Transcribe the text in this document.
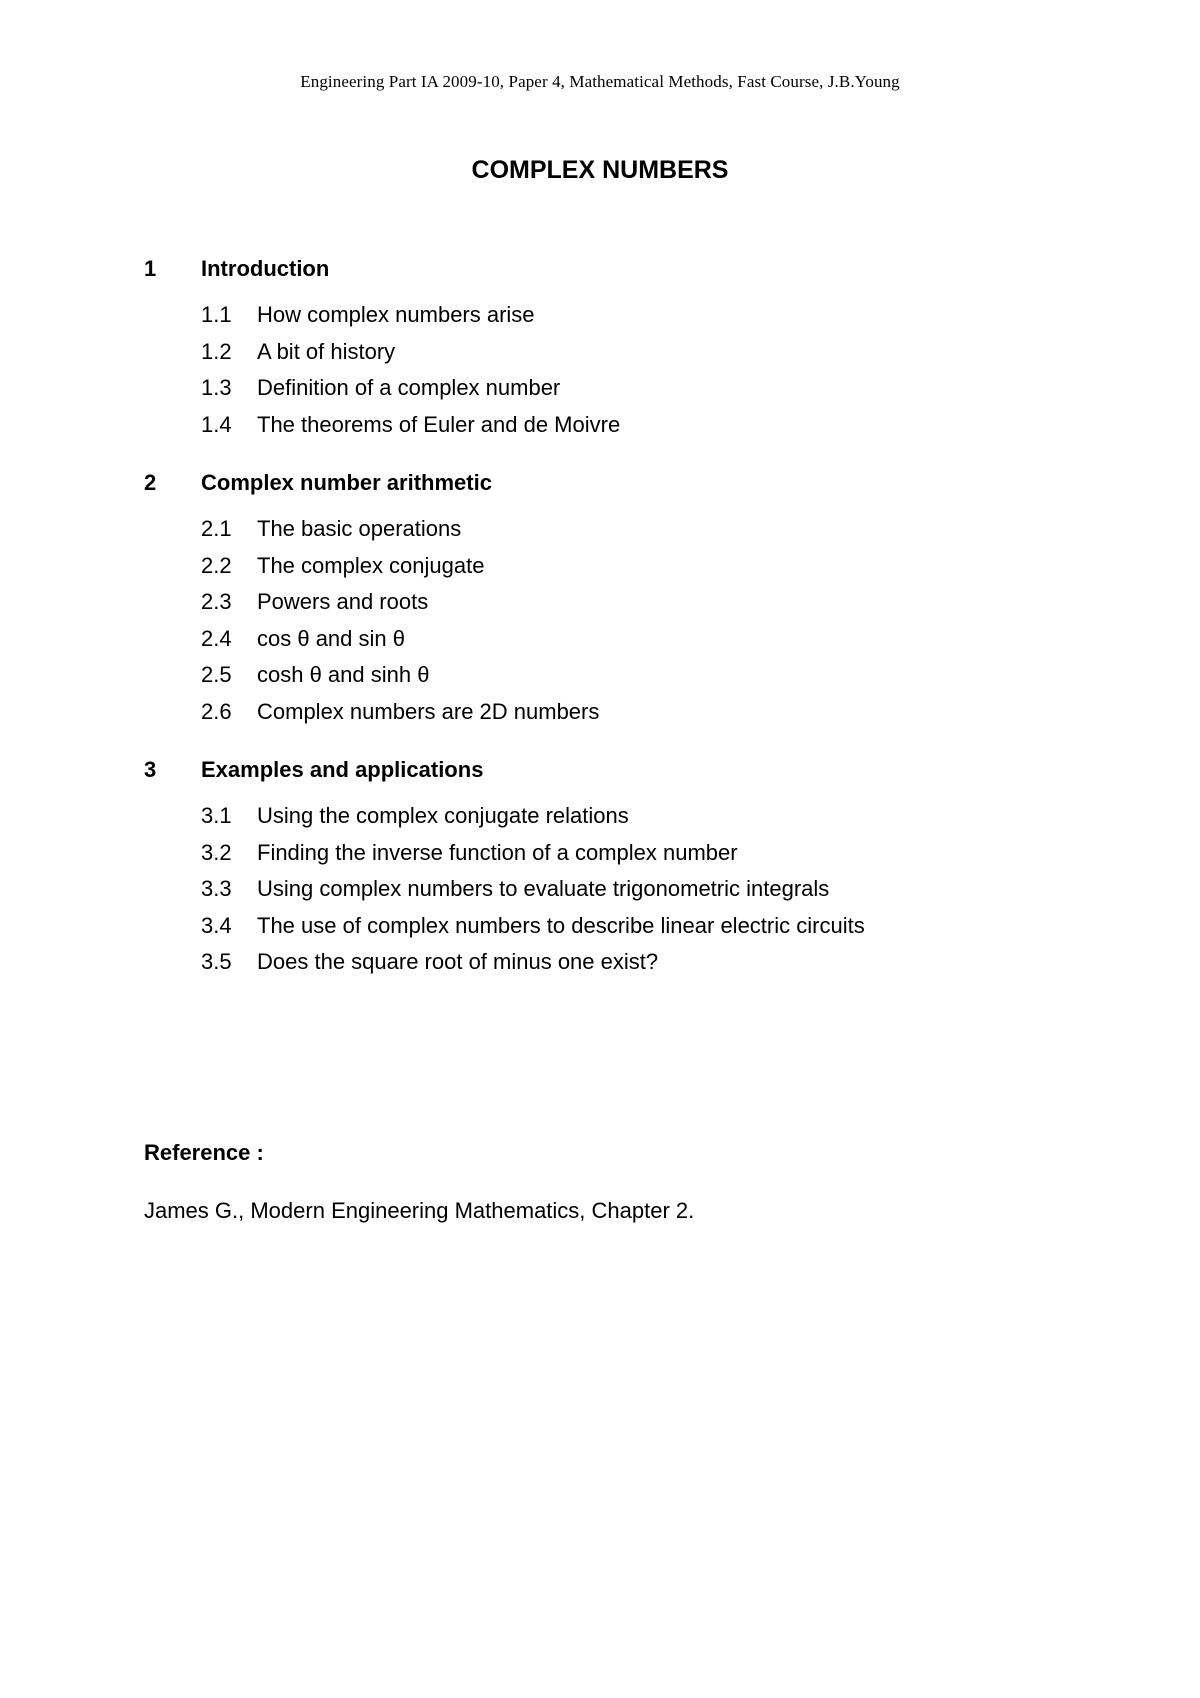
Engineering Part IA 2009-10, Paper 4, Mathematical Methods, Fast Course, J.B.Young
COMPLEX NUMBERS
1	Introduction
1.1	How complex numbers arise
1.2	A bit of history
1.3	Definition of a complex number
1.4	The theorems of Euler and de Moivre
2	Complex number arithmetic
2.1	The basic operations
2.2	The complex conjugate
2.3	Powers and roots
2.4	cos θ and sin θ
2.5	cosh θ and sinh θ
2.6	Complex numbers are 2D numbers
3	Examples and applications
3.1	Using the complex conjugate relations
3.2	Finding the inverse function of a complex number
3.3	Using complex numbers to evaluate trigonometric integrals
3.4	The use of complex numbers to describe linear electric circuits
3.5	Does the square root of minus one exist?
Reference :
James G., Modern Engineering Mathematics, Chapter 2.
